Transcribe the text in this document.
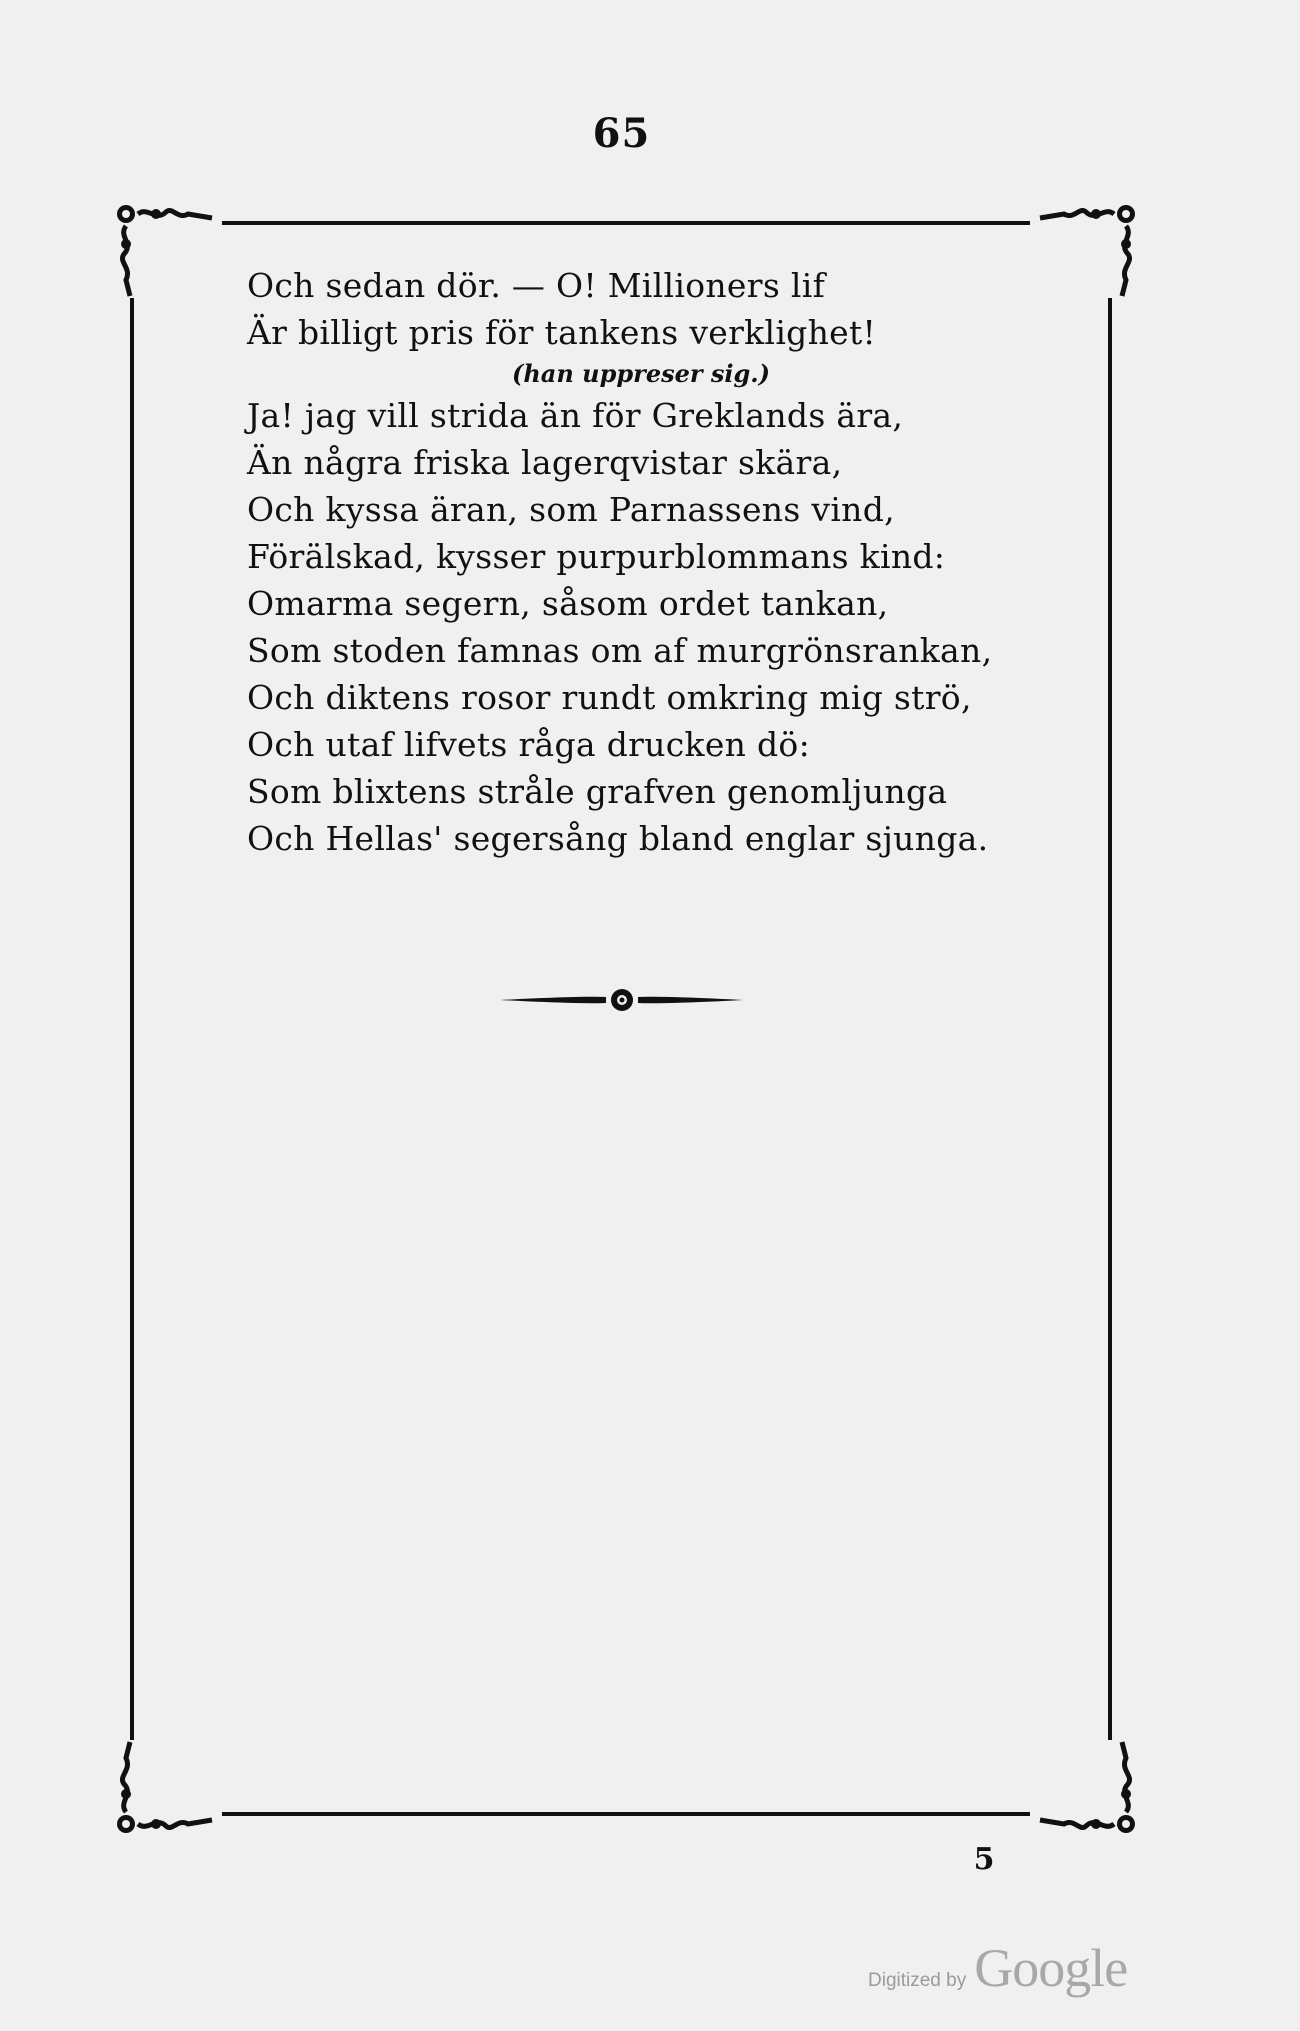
65
Och sedan dör. — O! Millioners lif
Är billigt pris för tankens verklighet!
(han uppreser sig.)
Ja! jag vill strida än för Greklands ära,
Än några friska lagerqvistar skära,
Och kyssa äran, som Parnassens vind,
Förälskad, kysser purpurblommans kind:
Omarma segern, såsom ordet tankan,
Som stoden famnas om af murgrönsrankan,
Och diktens rosor rundt omkring mig strö,
Och utaf lifvets råga drucken dö:
Som blixtens stråle grafven genomljunga
Och Hellas' segersång bland englar sjunga.
5
Digitized by Google
